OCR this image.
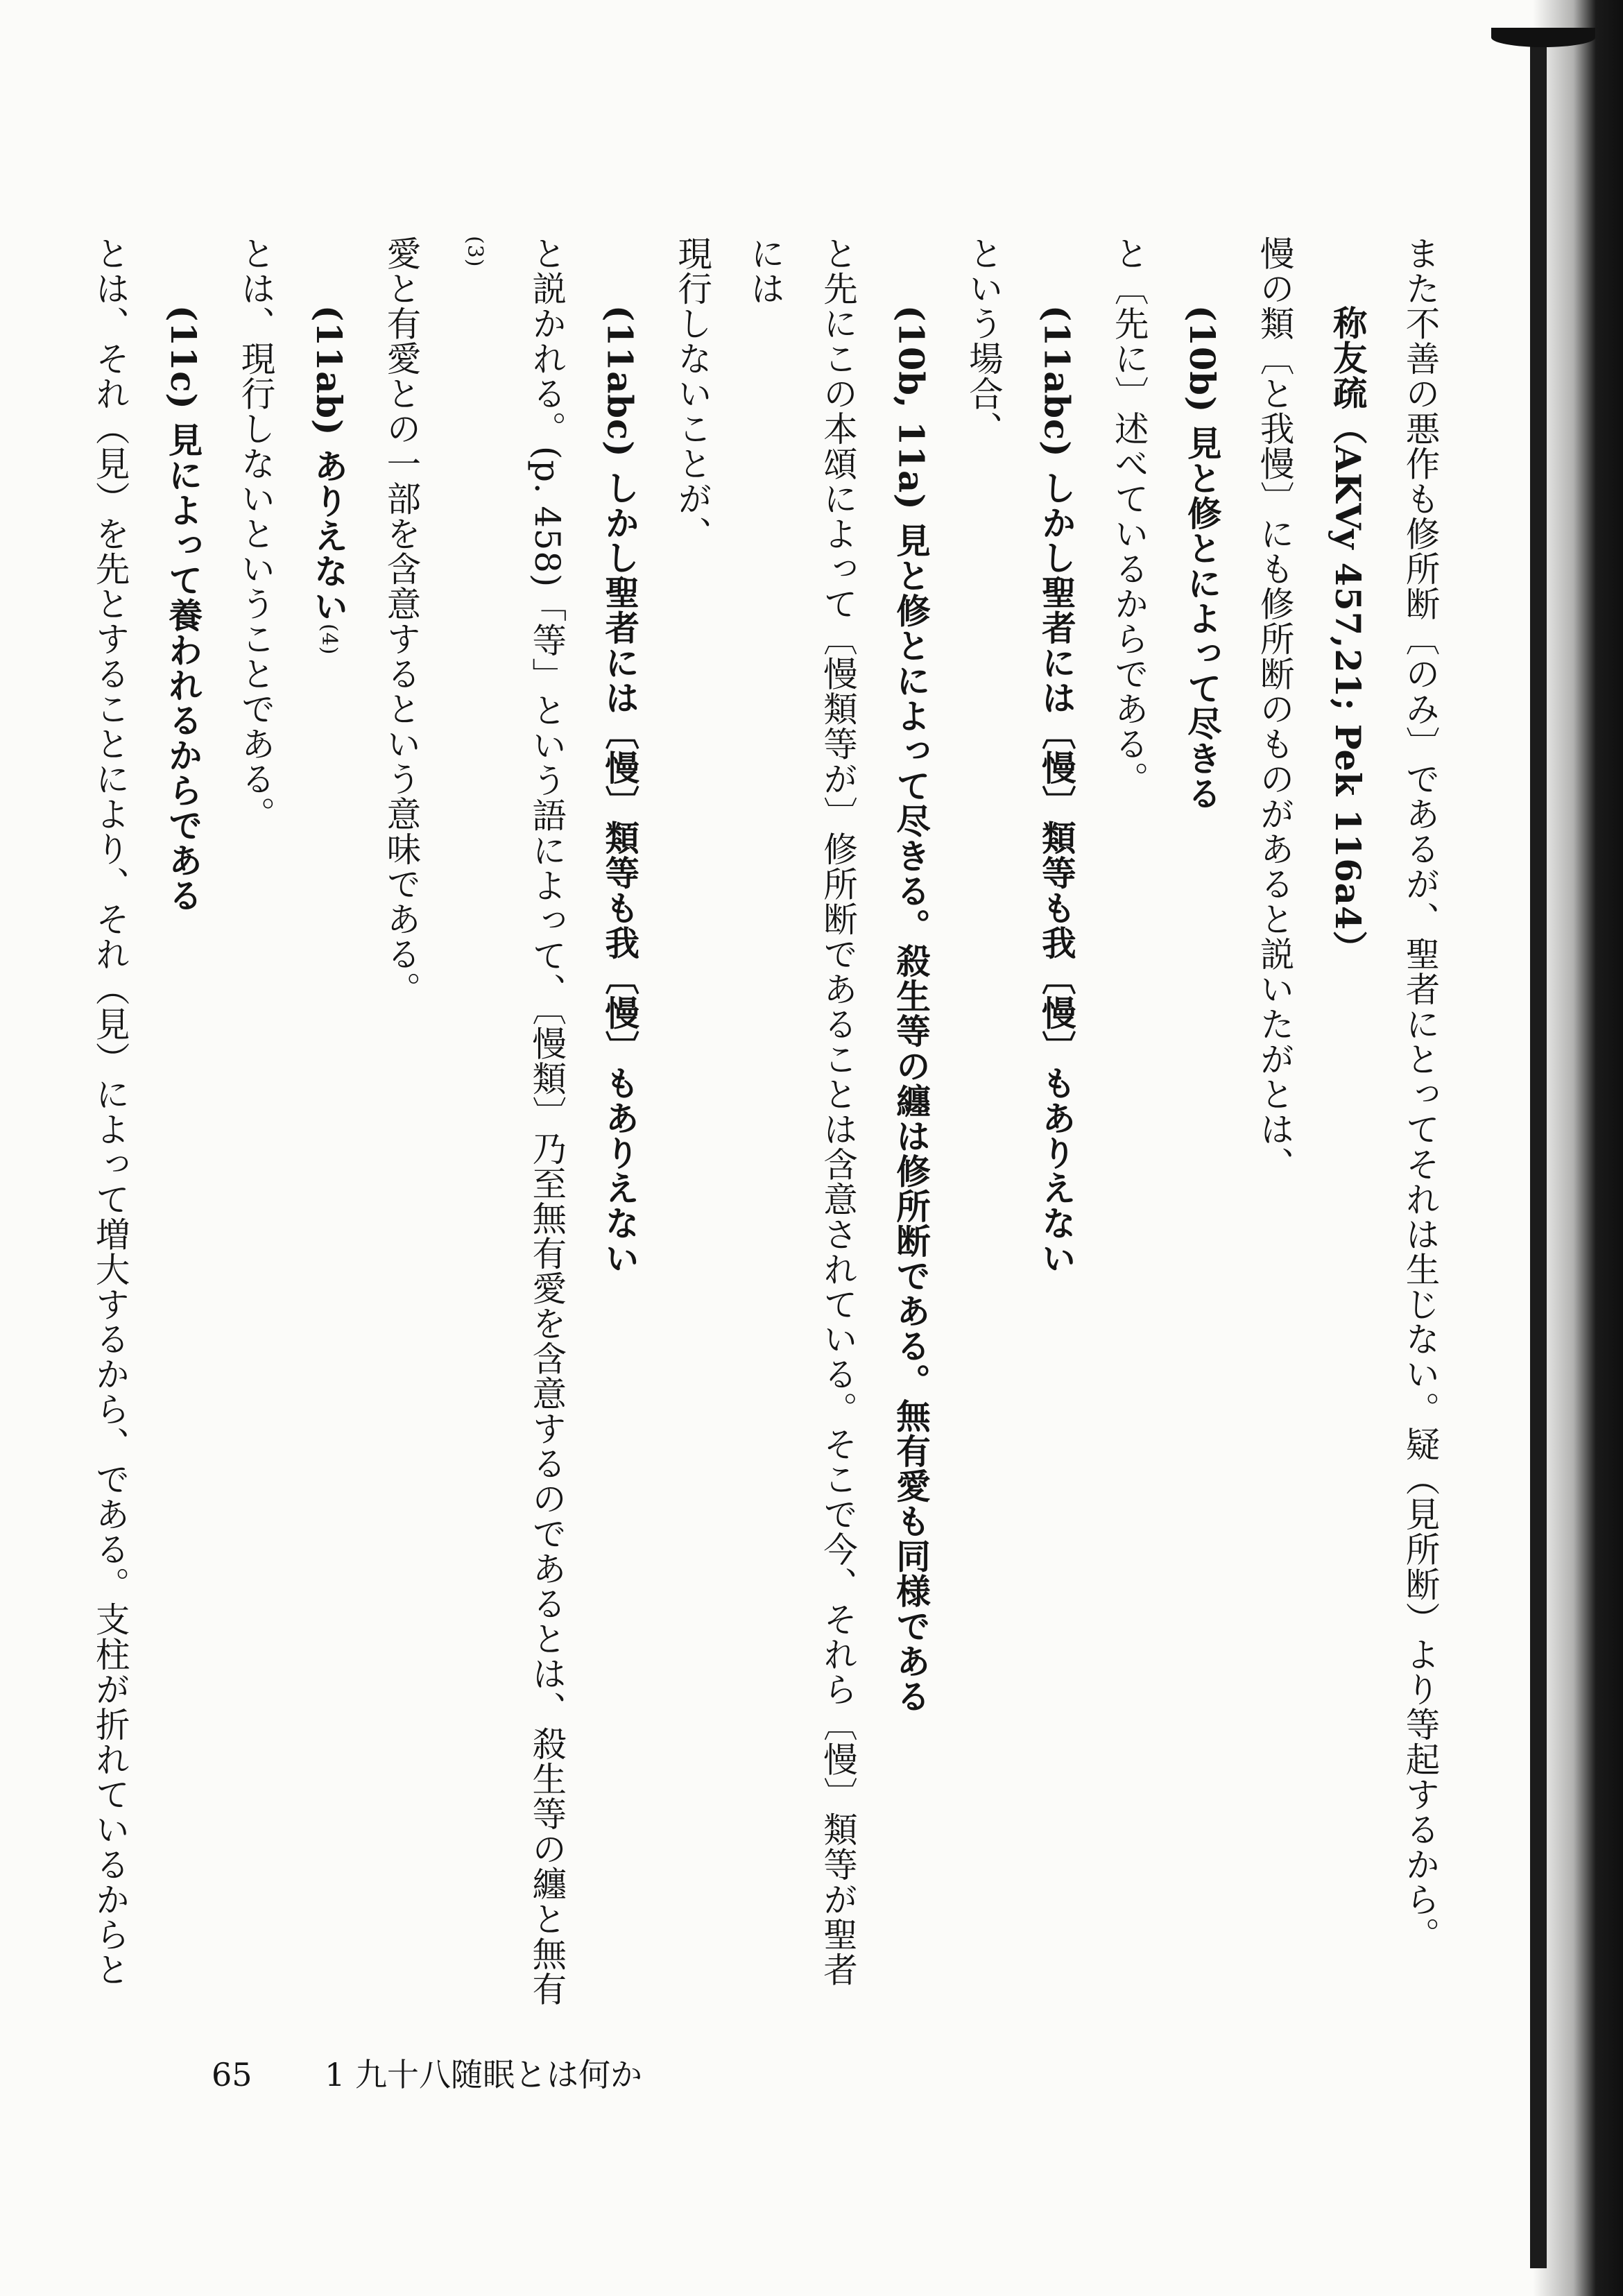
また不善の悪作も修所断〔のみ〕であるが、聖者にとってそれは生じない。疑（見所断）より等起するから。

称友疏（AKVy 457,21; Pek 116a4）

慢の類〔と我慢〕にも修所断のものがあると説いたがとは、

(10b) 見と修とによって尽きる

と〔先に〕述べているからである。

(11abc) しかし聖者には〔慢〕類等も我〔慢〕もありえない

という場合、

(10b, 11a) 見と修とによって尽きる。殺生等の纏は修所断である。無有愛も同様である

と先にこの本頌によって〔慢類等が〕修所断であることは含意されている。そこで今、それら〔慢〕類等が聖者には

現行しないことが、

(11abc) しかし聖者には〔慢〕類等も我〔慢〕もありえない

と説かれる。(p. 458)「等」という語によって、〔慢類〕乃至無有愛を含意するのであるとは、殺生等の纏と無有(3)

愛と有愛との一部を含意するという意味である。

(11ab) ありえない(4)

とは、現行しないということである。

(11c) 見によって養われるからである

とは、それ（見）を先とすることにより、それ（見）によって増大するから、である。支柱が折れているからと

65 1 九十八随眠とは何か
